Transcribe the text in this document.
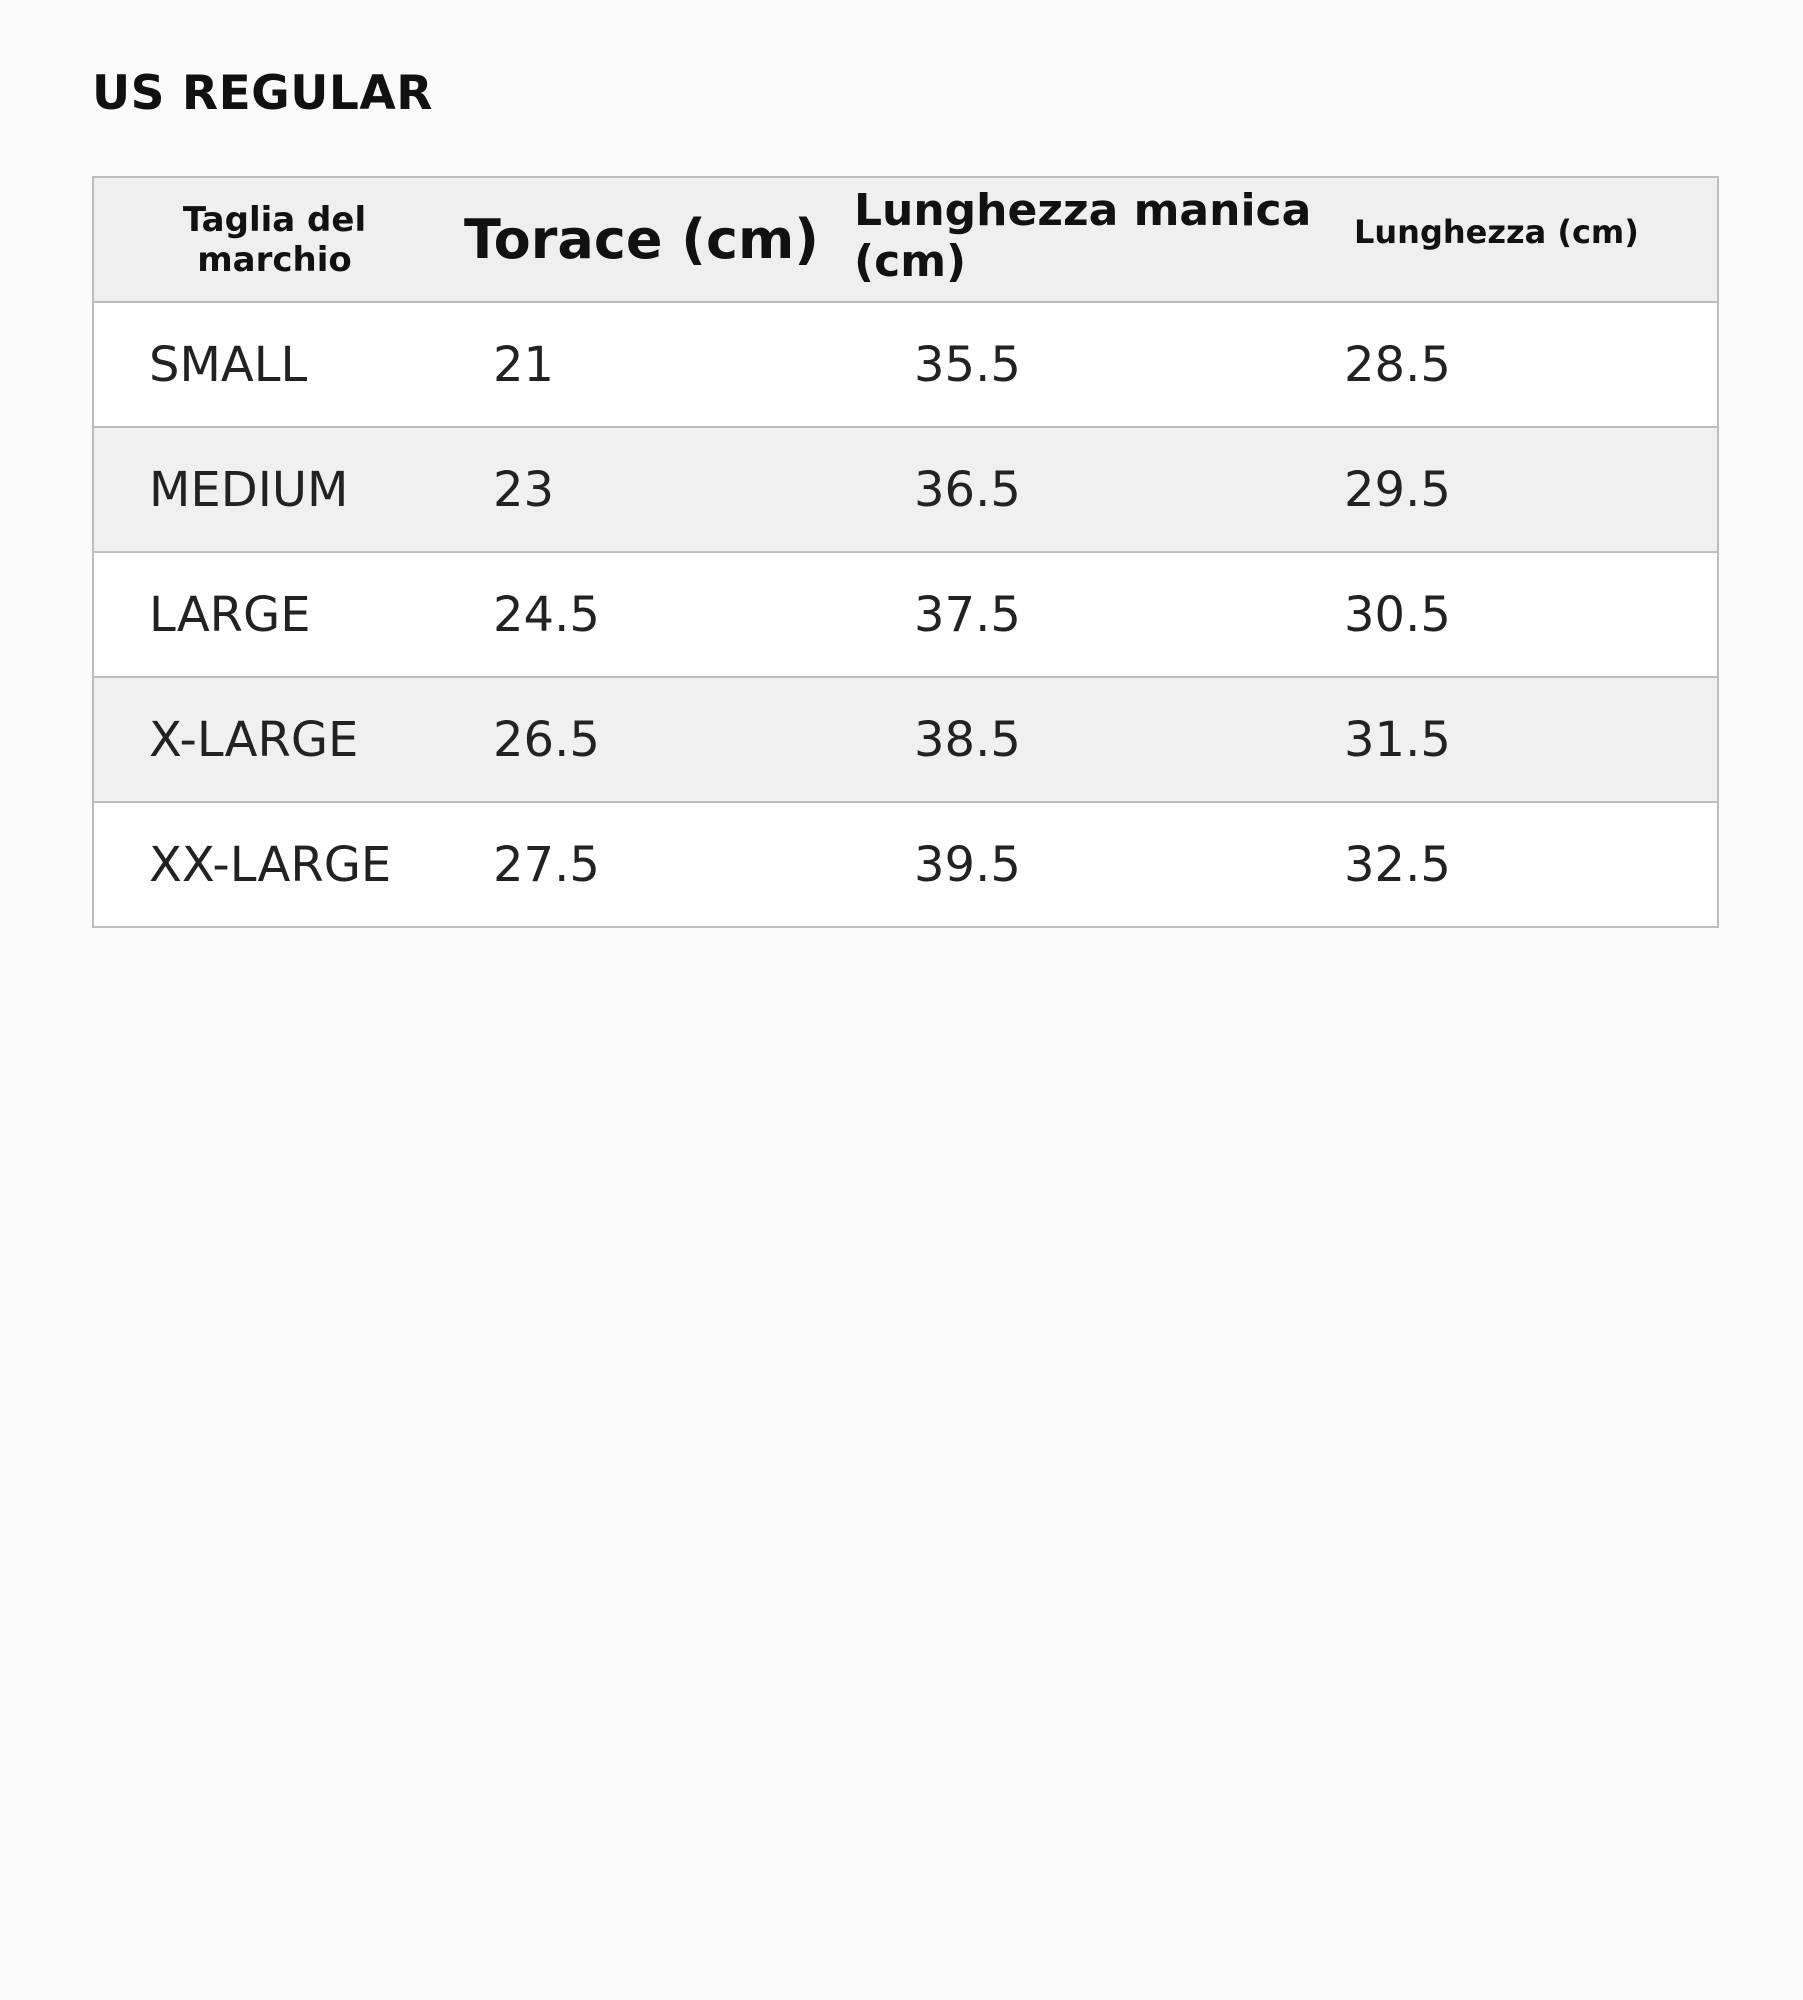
US REGULAR
Taglia del
marchio	Torace (cm)	Lunghezza manica (cm)	Lunghezza (cm)
SMALL	21	35.5	28.5
MEDIUM	23	36.5	29.5
LARGE	24.5	37.5	30.5
X-LARGE	26.5	38.5	31.5
XX-LARGE	27.5	39.5	32.5
